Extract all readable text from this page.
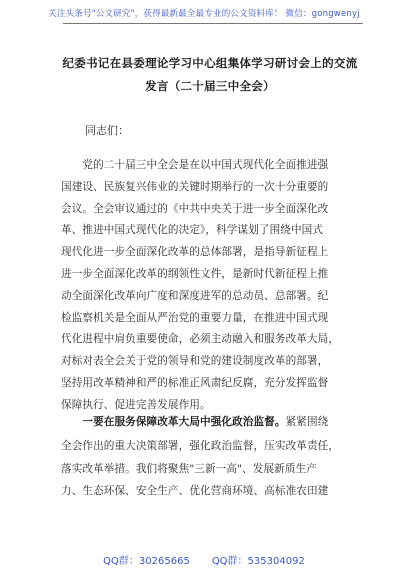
关注头条号"公文研究"，获得最新最全最专业的公文资料库！ 微信：gongwenyj
纪委书记在县委理论学习中心组集体学习研讨会上的交流
发言（二十届三中全会）
同志们：
　　党的二十届三中全会是在以中国式现代化全面推进强
国建设、民族复兴伟业的关键时期举行的一次十分重要的
会议。全会审议通过的《中共中央关于进一步全面深化改
革、推进中国式现代化的决定》，科学谋划了围绕中国式
现代化进一步全面深化改革的总体部署，是指导新征程上
进一步全面深化改革的纲领性文件，是新时代新征程上推
动全面深化改革向广度和深度进军的总动员、总部署。纪
检监察机关是全面从严治党的重要力量，在推进中国式现
代化进程中肩负重要使命，必须主动融入和服务改革大局，
对标对表全会关于党的领导和党的建设制度改革的部署，
坚持用改革精神和严的标准正风肃纪反腐，充分发挥监督
保障执行、促进完善发展作用。
　　一要在服务保障改革大局中强化政治监督。紧紧围绕
全会作出的重大决策部署，强化政治监督，压实改革责任，
落实改革举措。我们将聚焦"三新一高"、发展新质生产
力、生态环保、安全生产、优化营商环境、高标准农田建
QQ群：30265665 QQ群：535304092
